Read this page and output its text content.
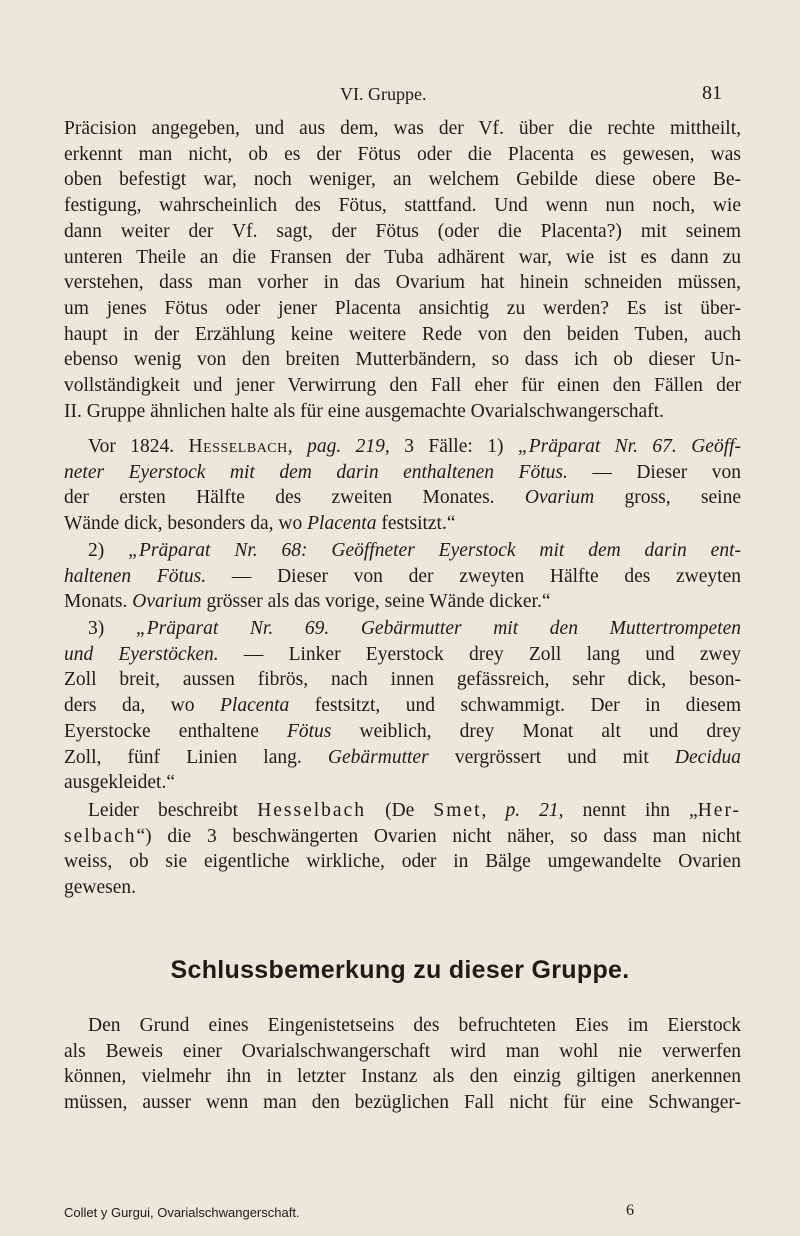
VI. Gruppe.	81

Präcision angegeben, und aus dem, was der Vf. über die rechte mittheilt,
erkennt man nicht, ob es der Fötus oder die Placenta es gewesen, was
oben befestigt war, noch weniger, an welchem Gebilde diese obere Be-
festigung, wahrscheinlich des Fötus, stattfand. Und wenn nun noch, wie
dann weiter der Vf. sagt, der Fötus (oder die Placenta?) mit seinem
unteren Theile an die Fransen der Tuba adhärent war, wie ist es dann zu
verstehen, dass man vorher in das Ovarium hat hinein schneiden müssen,
um jenes Fötus oder jener Placenta ansichtig zu werden? Es ist über-
haupt in der Erzählung keine weitere Rede von den beiden Tuben, auch
ebenso wenig von den breiten Mutterbändern, so dass ich ob dieser Un-
vollständigkeit und jener Verwirrung den Fall eher für einen den Fällen der
II. Gruppe ähnlichen halte als für eine ausgemachte Ovarialschwangerschaft.

Vor 1824. Hesselbach, pag. 219, 3 Fälle: 1) „Präparat Nr. 67. Geöff-
neter Eyerstock mit dem darin enthaltenen Fötus. — Dieser von
der ersten Hälfte des zweiten Monates. Ovarium gross, seine
Wände dick, besonders da, wo Placenta festsitzt.“

2) „Präparat Nr. 68: Geöffneter Eyerstock mit dem darin ent-
haltenen Fötus. — Dieser von der zweyten Hälfte des zweyten
Monats. Ovarium grösser als das vorige, seine Wände dicker.“

3) „Präparat Nr. 69. Gebärmutter mit den Muttertrompeten
und Eyerstöcken. — Linker Eyerstock drey Zoll lang und zwey
Zoll breit, aussen fibrös, nach innen gefässreich, sehr dick, beson-
ders da, wo Placenta festsitzt, und schwammigt. Der in diesem
Eyerstocke enthaltene Fötus weiblich, drey Monat alt und drey
Zoll, fünf Linien lang. Gebärmutter vergrössert und mit Decidua
ausgekleidet.“

Leider beschreibt Hesselbach (De Smet, p. 21, nennt ihn „Her-
selbach“) die 3 beschwängerten Ovarien nicht näher, so dass man nicht
weiss, ob sie eigentliche wirkliche, oder in Bälge umgewandelte Ovarien
gewesen.

Schlussbemerkung zu dieser Gruppe.

Den Grund eines Eingenistetseins des befruchteten Eies im Eierstock
als Beweis einer Ovarialschwangerschaft wird man wohl nie verwerfen
können, vielmehr ihn in letzter Instanz als den einzig giltigen anerkennen
müssen, ausser wenn man den bezüglichen Fall nicht für eine Schwanger-

Collet y Gurgui, Ovarialschwangerschaft.	6
